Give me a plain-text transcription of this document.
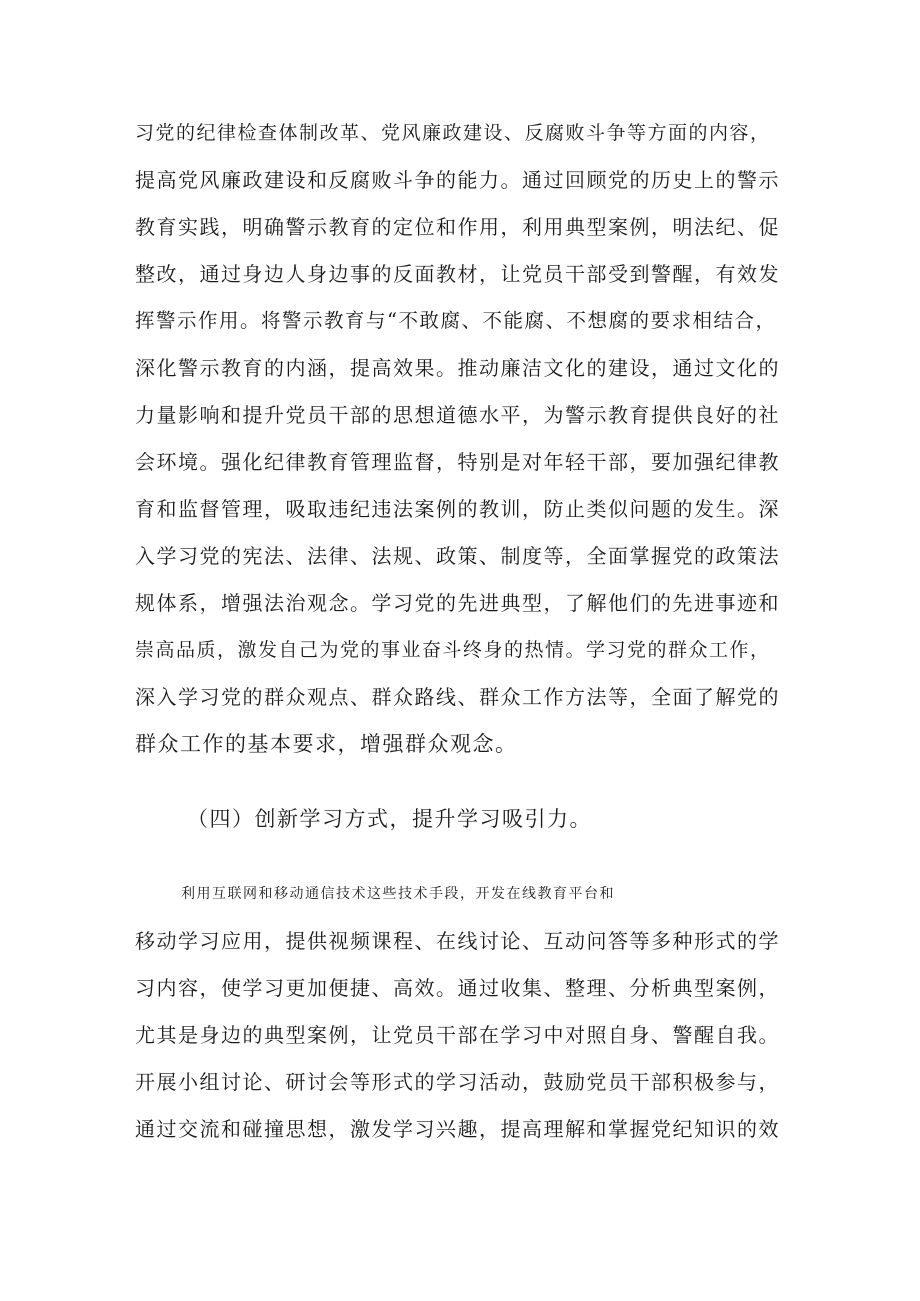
习党的纪律检查体制改革、党风廉政建设、反腐败斗争等方面的内容，
提高党风廉政建设和反腐败斗争的能力。通过回顾党的历史上的警示
教育实践，明确警示教育的定位和作用，利用典型案例，明法纪、促
整改，通过身边人身边事的反面教材，让党员干部受到警醒，有效发
挥警示作用。将警示教育与“不敢腐、不能腐、不想腐的要求相结合，
深化警示教育的内涵，提高效果。推动廉洁文化的建设，通过文化的
力量影响和提升党员干部的思想道德水平，为警示教育提供良好的社
会环境。强化纪律教育管理监督，特别是对年轻干部，要加强纪律教
育和监督管理，吸取违纪违法案例的教训，防止类似问题的发生。深
入学习党的宪法、法律、法规、政策、制度等，全面掌握党的政策法
规体系，增强法治观念。学习党的先进典型，了解他们的先进事迹和
崇高品质，激发自己为党的事业奋斗终身的热情。学习党的群众工作，
深入学习党的群众观点、群众路线、群众工作方法等，全面了解党的
群众工作的基本要求，增强群众观念。
（四）创新学习方式，提升学习吸引力。
利用互联网和移动通信技术这些技术手段，开发在线教育平台和
移动学习应用，提供视频课程、在线讨论、互动问答等多种形式的学
习内容，使学习更加便捷、高效。通过收集、整理、分析典型案例，
尤其是身边的典型案例，让党员干部在学习中对照自身、警醒自我。
开展小组讨论、研讨会等形式的学习活动，鼓励党员干部积极参与，
通过交流和碰撞思想，激发学习兴趣，提高理解和掌握党纪知识的效
